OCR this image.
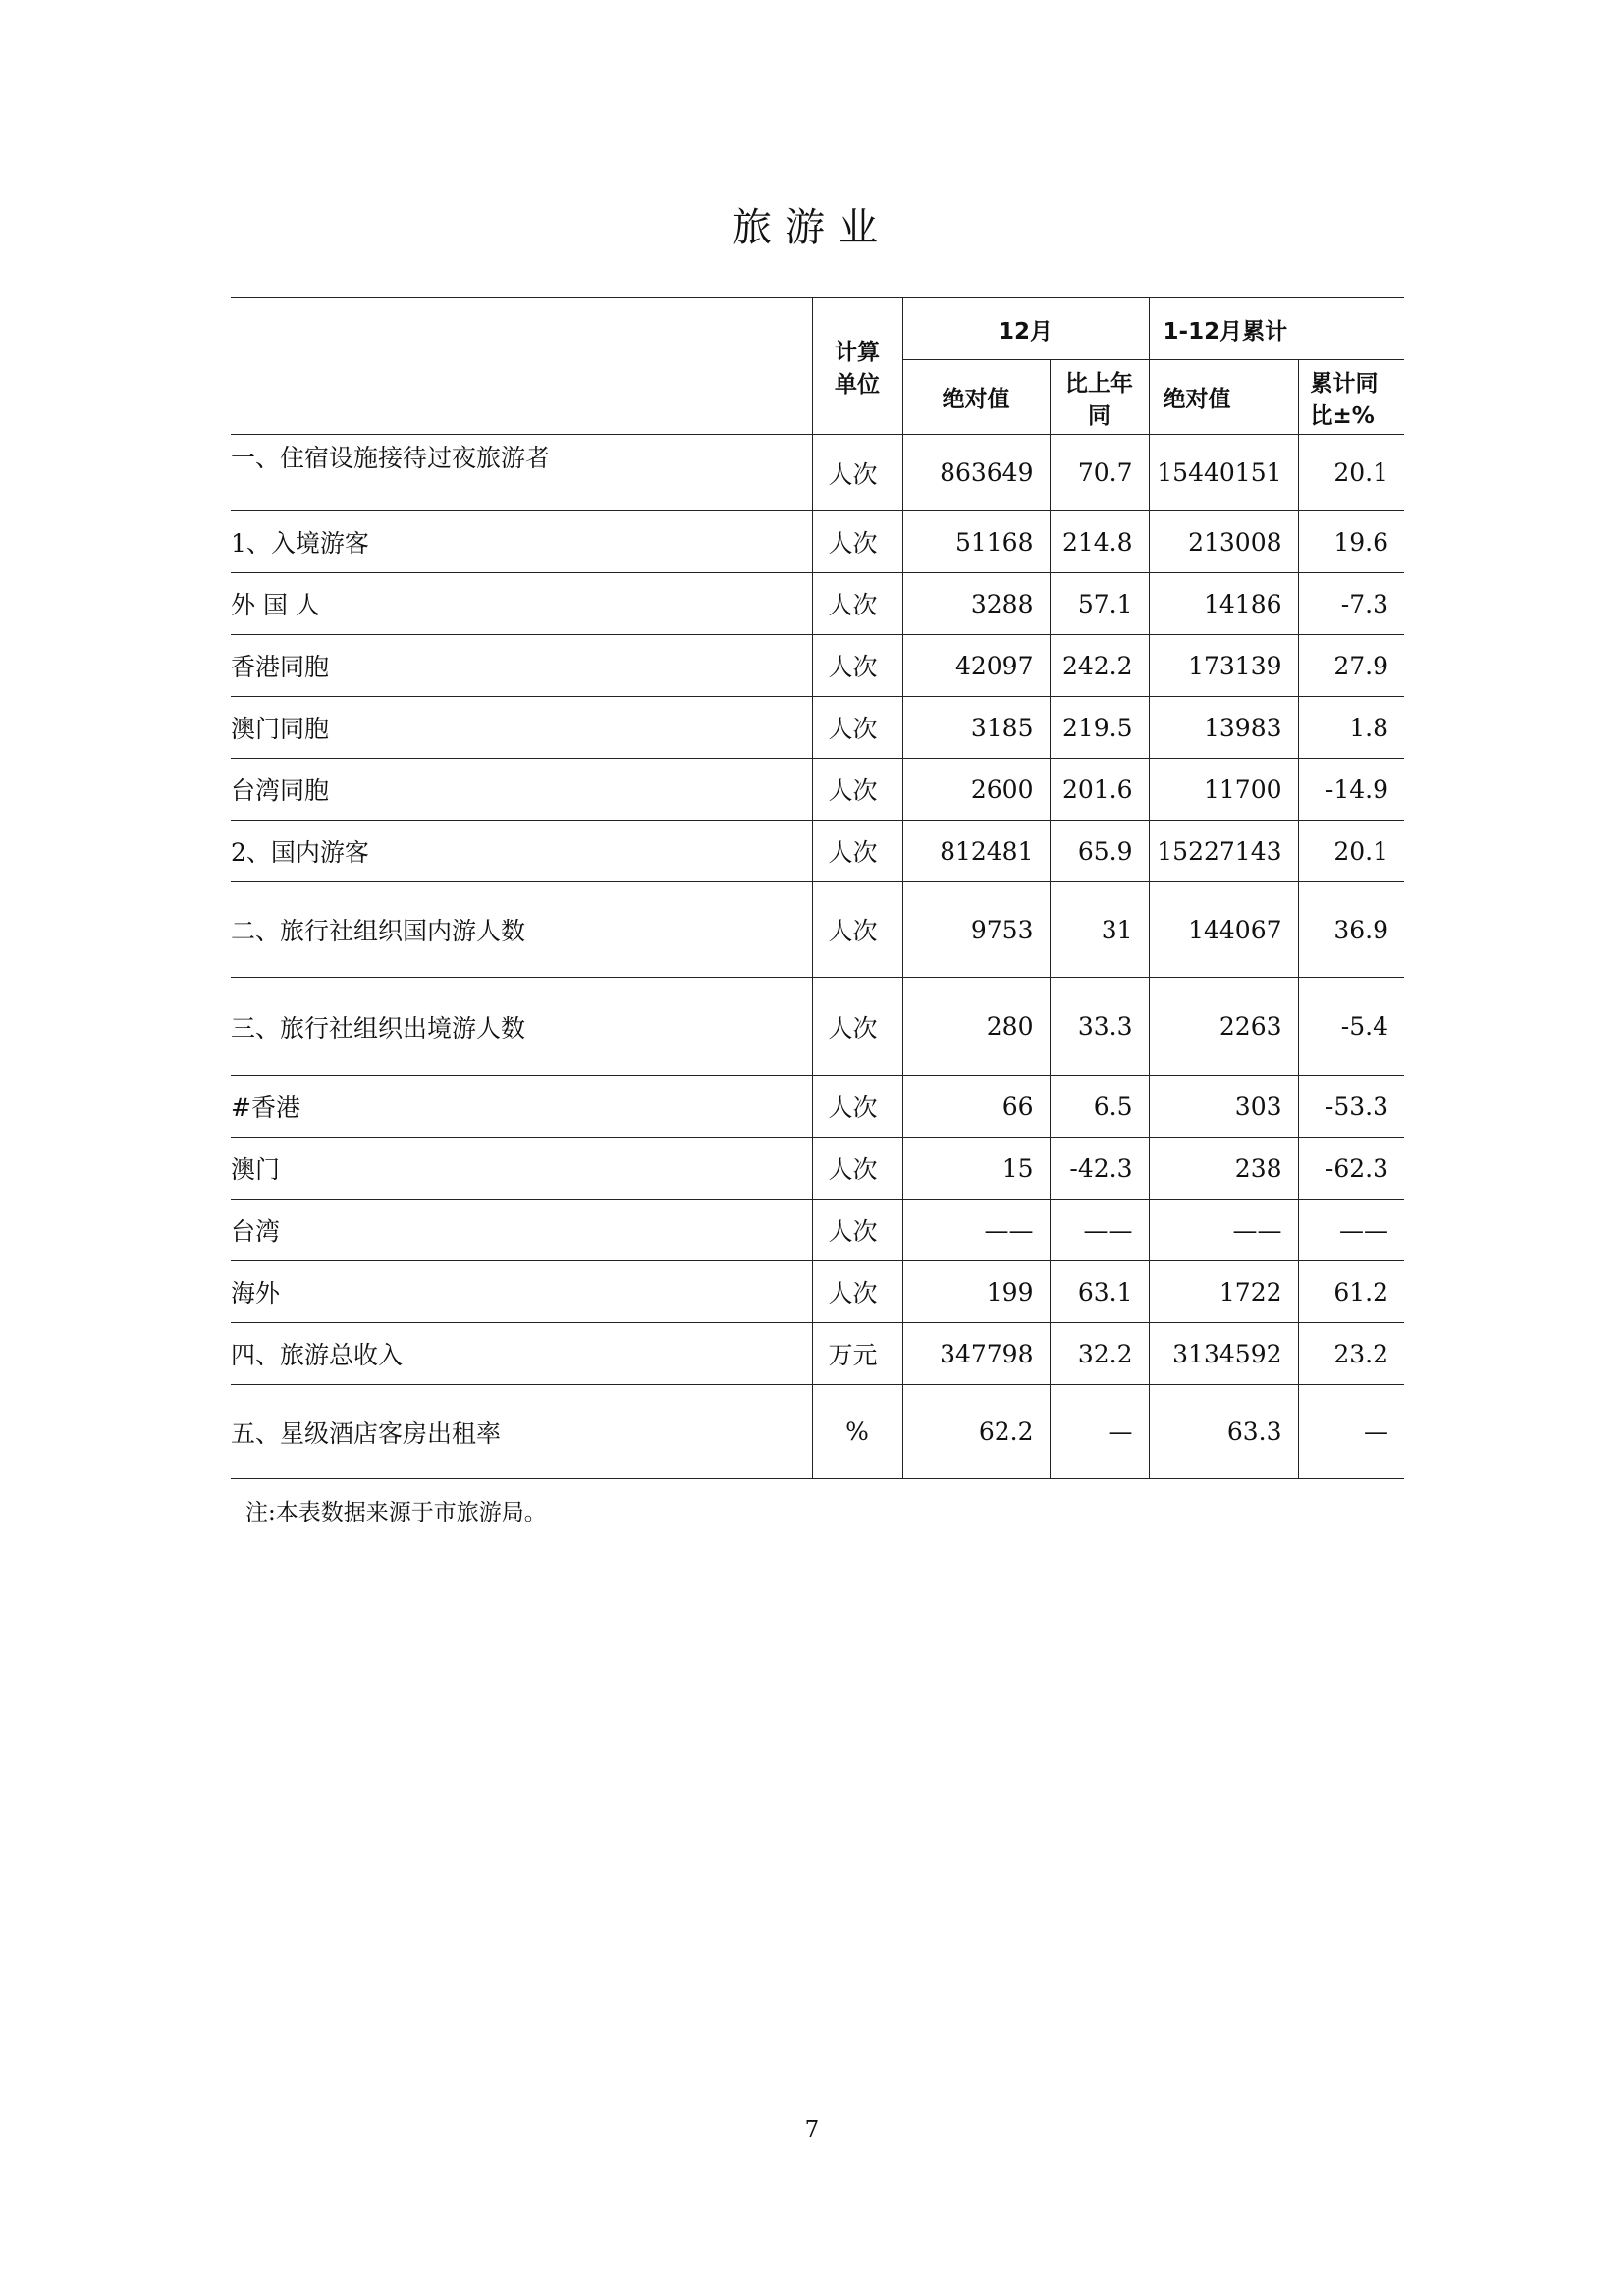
旅游业
	计算单位	12月		1-12月累计	
		绝对值	比上年同	绝对值	累计同比±%
一、住宿设施接待过夜旅游者	人次	863649	70.7	15440151	20.1
1、入境游客	人次	51168	214.8	213008	19.6
外 国 人	人次	3288	57.1	14186	-7.3
香港同胞	人次	42097	242.2	173139	27.9
澳门同胞	人次	3185	219.5	13983	1.8
台湾同胞	人次	2600	201.6	11700	-14.9
2、国内游客	人次	812481	65.9	15227143	20.1
二、旅行社组织国内游人数	人次	9753	31	144067	36.9
三、旅行社组织出境游人数	人次	280	33.3	2263	-5.4
#香港	人次	66	6.5	303	-53.3
澳门	人次	15	-42.3	238	-62.3
台湾	人次	——	——	——	——
海外	人次	199	63.1	1722	61.2
四、旅游总收入	万元	347798	32.2	3134592	23.2
五、星级酒店客房出租率	%	62.2	—	63.3	—
注:本表数据来源于市旅游局。
7
